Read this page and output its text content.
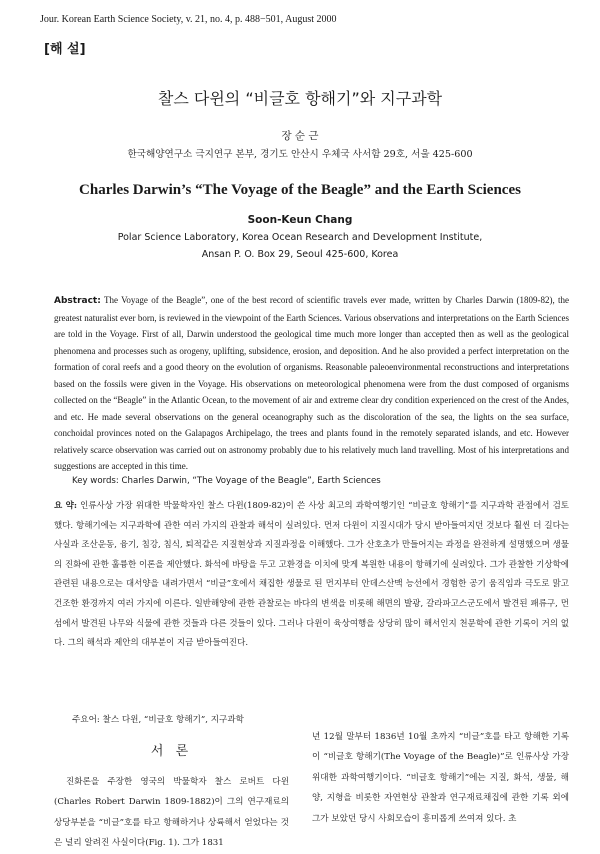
Jour. Korean Earth Science Society, v. 21, no. 4, p. 488−501, August 2000
[해 설]
찰스 다윈의 “비글호 항해기”와 지구과학
장 순 근
한국해양연구소 극지연구 본부, 경기도 안산시 우체국 사서함 29호, 서울 425-600
Charles Darwin’s “The Voyage of the Beagle” and the Earth Sciences
Soon-Keun Chang
Polar Science Laboratory, Korea Ocean Research and Development Institute,
Ansan P. O. Box 29, Seoul 425-600, Korea

Abstract: The Voyage of the Beagle”, one of the best record of scientific travels ever made, written by Charles Darwin (1809-82), the greatest naturalist ever born, is reviewed in the viewpoint of the Earth Sciences. Various observations and interpretations on the Earth Sciences are told in the Voyage. First of all, Darwin understood the geological time much more longer than accepted then as well as the geological phenomena and processes such as orogeny, uplifting, subsidence, erosion, and deposition. And he also provided a perfect interpretation on the formation of coral reefs and a good theory on the evolution of organisms. Reasonable paleoenvironmental reconstructions and interpretations based on the fossils were given in the Voyage. His observations on meteorological phenomena were from the dust composed of organisms collected on the “Beagle” in the Atlantic Ocean, to the movement of air and extreme clear dry condition experienced on the crest of the Andes, and etc. He made several observations on the general oceanography such as the discoloration of the sea, the lights on the sea surface, conchoidal provinces noted on the Galapagos Archipelago, the trees and plants found in the remotely separated islands, and etc. However relatively scarce observation was carried out on astronomy probably due to his relatively much land travelling. Most of his interpretations and suggestions are accepted in this time.

Key words: Charles Darwin, “The Voyage of the Beagle”, Earth Sciences

요 약: 인류사상 가장 위대한 박물학자인 찰스 다윈(1809-82)이 쓴 사상 최고의 과학여행기인 “비글호 항해기”를 지구과학 관점에서 검토했다. 항해기에는 지구과학에 관한 여러 가지의 관찰과 해석이 실려있다. 먼저 다윈이 지질시대가 당시 받아들여지던 것보다 훨씬 더 길다는 사실과 조산운동, 융기, 침강, 침식, 퇴적같은 지질현상과 지질과정을 이해했다. 그가 산호초가 만들어지는 과정을 완전하게 설명했으며 생물의 진화에 관한 훌륭한 이론을 제안했다. 화석에 바탕을 두고 고환경을 이치에 맞게 복원한 내용이 항해기에 실려있다. 그가 관찰한 기상학에 관련된 내용으로는 대서양을 내려가면서 “비글”호에서 채집한 생물로 된 먼지부터 안데스산맥 능선에서 경험한 공기 움직임과 극도로 맑고 건조한 환경까지 여러 가지에 이른다. 일반해양에 관한 관찰로는 바다의 변색을 비롯해 해면의 발광, 갈라파고스군도에서 발견된 패류구, 먼 섬에서 발견된 나무와 식물에 관한 것들과 다른 것들이 있다. 그러나 다윈이 육상여행을 상당히 많이 해서인지 천문학에 관한 기록이 거의 없다. 그의 해석과 제안의 대부분이 지금 받아들여진다.

주요어: 찰스 다윈, “비글호 항해기”, 지구과학
서 론

진화론을 주장한 영국의 박물학자 찰스 로버트 다윈(Charles Robert Darwin 1809-1882)이 그의 연구재료의 상당부분을 “비글”호를 타고 항해하거나 상륙해서 얻었다는 것은 널리 알려진 사실이다(Fig. 1). 그가 1831

년 12월 말부터 1836년 10월 초까지 “비글”호를 타고 항해한 기록이 “비글호 항해기(The Voyage of the Beagle)”로 인류사상 가장 위대한 과학여행기이다. “비글호 항해기”에는 지질, 화석, 생물, 해양, 지형을 비롯한 자연현상 관찰과 연구재료채집에 관한 기록 외에 그가 보았던 당시 사회모습이 흥미롭게 쓰여져 있다. 초
